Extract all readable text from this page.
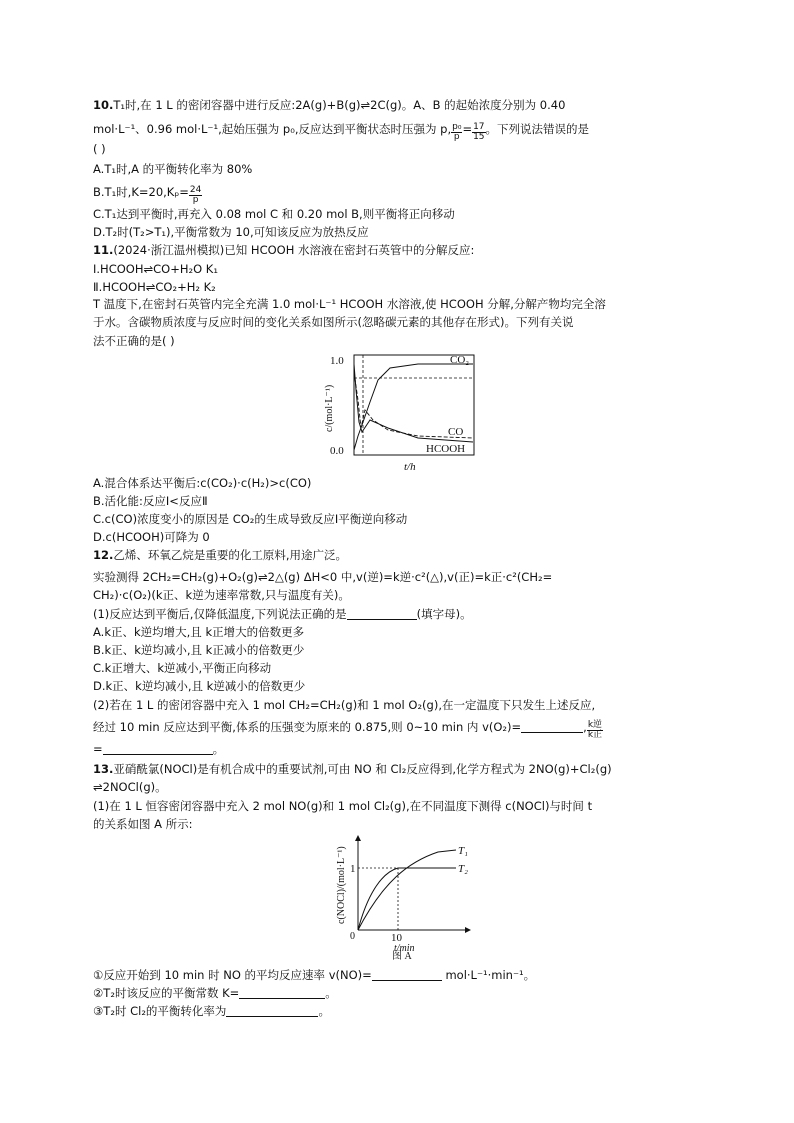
10.T₁时,在 1 L 的密闭容器中进行反应:2A(g)+B(g)⇌2C(g)。A、B 的起始浓度分别为 0.40
mol·L⁻¹、0.96 mol·L⁻¹,起始压强为 p₀,反应达到平衡状态时压强为 p, $\frac{\text{p₀}}{p} = \frac{17}{15}$ 。下列说法错误的是
( )
A.T₁时,A 的平衡转化率为 80%
B.T₁时$,K=20,K_p= \frac{24}{p}$
C.T₁达到平衡时,再充入 0.08 mol C 和 0.20 mol B,则平衡将正向移动
D.T₂时(T₂>T₁),平衡常数为 10,可知该反应为放热反应
11.(2024·浙江温州模拟)已知 HCOOH 水溶液在密封石英管中的分解反应:
Ⅰ.HCOOH⇌CO+H₂O K₁
Ⅱ.HCOOH⇌CO₂+H₂ K₂
T 温度下,在密封石英管内完全充满 1.0 mol·L⁻¹ HCOOH 水溶液,使 HCOOH 分解,分解产物均完全溶
于水。含碳物质浓度与反应时间的变化关系如图所示(忽略碳元素的其他存在形式)。下列有关说
法不正确的是( )
1.0
0.0
c/(mol·L⁻¹)
t/h
CO₂
CO
HCOOH
A.混合体系达平衡后:c(CO₂)·c(H₂)>c(CO)
B.活化能:反应Ⅰ<反应Ⅱ
C.c(CO)浓度变小的原因是 CO₂的生成导致反应Ⅰ平衡逆向移动
D.c(HCOOH)可降为 0
12.乙烯、环氧乙烷是重要的化工原料,用途广泛。
实验测得 2CH₂=CH₂(g)+O₂(g)⇌2△(g) ΔH<0 中,v(逆)=k逆·c²(△),v(正)=k正·c²(CH₂=
CH₂)·c(O₂)(k正、k逆为速率常数,只与温度有关)。
(1)反应达到平衡后,仅降低温度,下列说法正确的是	(填字母)。
A.k正、k逆均增大,且 k正增大的倍数更多
B.k正、k逆均减小,且 k正减小的倍数更少
C.k正增大、k逆减小,平衡正向移动
D.k正、k逆均减小,且 k逆减小的倍数更少
(2)若在 1 L 的密闭容器中充入 1 mol CH₂=CH₂(g)和 1 mol O₂(g),在一定温度下只发生上述反应,
经过 10 min 反应达到平衡,体系的压强变为原来的 0.875,则 0~10 min 内 v(O₂)=	, $\frac{\text{k逆}}{\text{k正}}$
=	。
13.亚硝酰氯(NOCl)是有机合成中的重要试剂,可由 NO 和 Cl₂反应得到,化学方程式为 2NO(g)+Cl₂(g)
⇌2NOCl(g)。
(1)在 1 L 恒容密闭容器中充入 2 mol NO(g)和 1 mol Cl₂(g),在不同温度下测得 c(NOCl)与时间 t
的关系如图 A 所示:
1
10
0
T₁
T₂
c(NOCl)/(mol·L⁻¹)
t/min
图 A
①反应开始到 10 min 时 NO 的平均反应速率 v(NO)=	mol·L⁻¹·min⁻¹。
②T₂时该反应的平衡常数 K=	。
③T₂时 Cl₂的平衡转化率为	。
